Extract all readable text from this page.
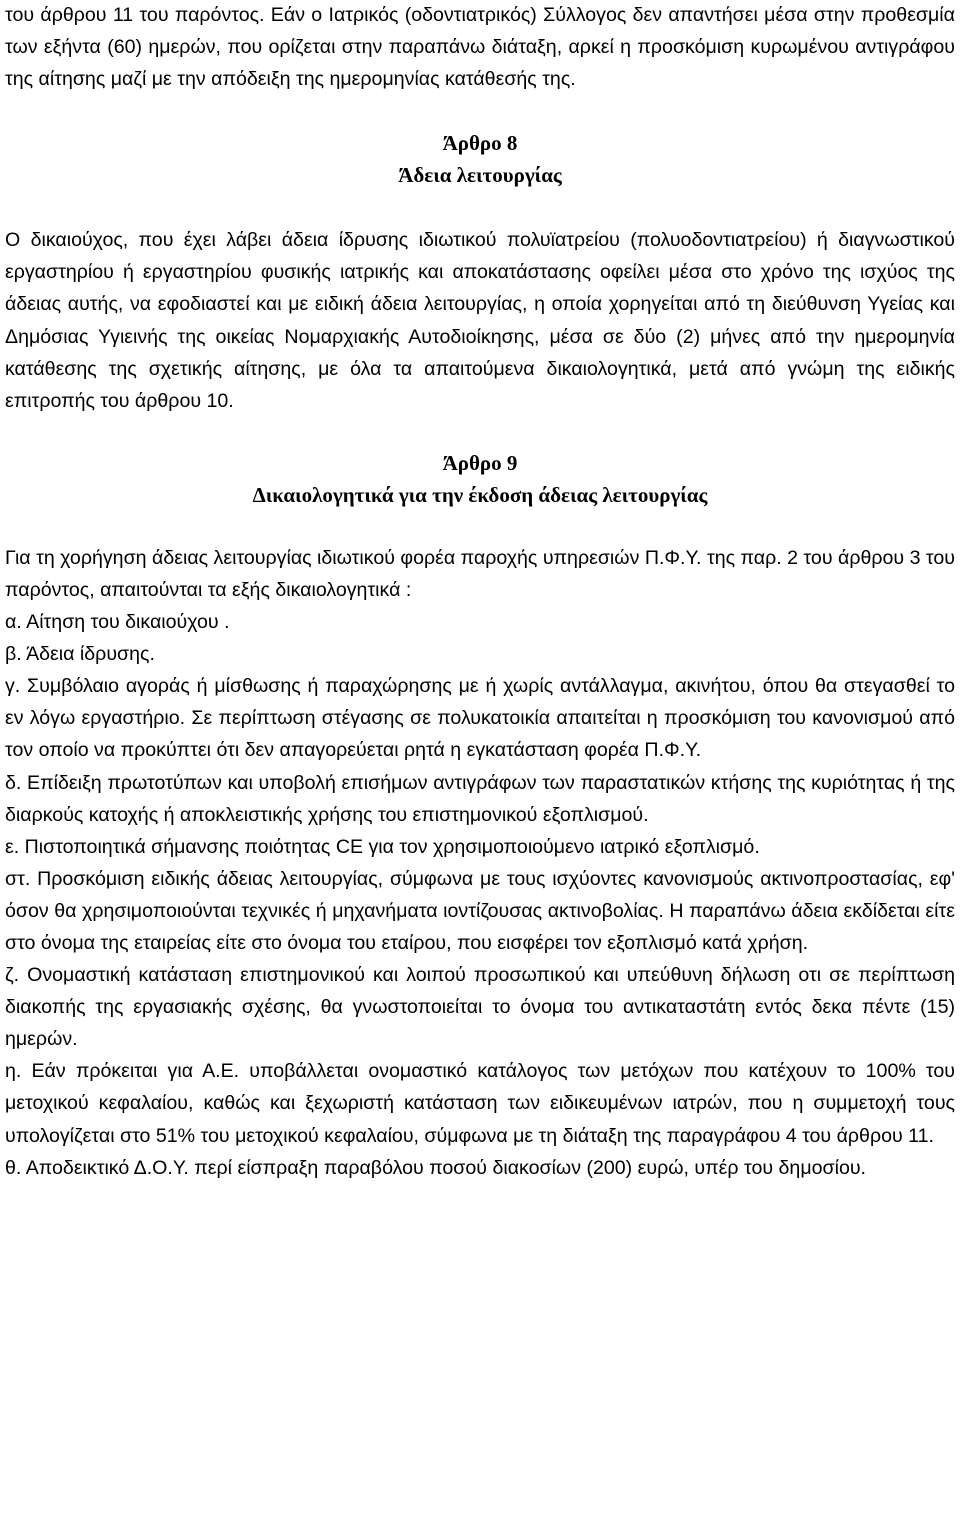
του άρθρου 11 του παρόντος. Εάν ο Ιατρικός (οδοντιατρικός) Σύλλογος δεν απαντήσει μέσα στην προθεσμία των εξήντα (60) ημερών, που ορίζεται στην παραπάνω διάταξη, αρκεί η προσκόμιση κυρωμένου αντιγράφου της αίτησης μαζί με την απόδειξη της ημερομηνίας κατάθεσής της.

Άρθρο 8
Άδεια λειτουργίας

Ο δικαιούχος, που έχει λάβει άδεια ίδρυσης ιδιωτικού πολυϊατρείου (πολυοδοντιατρείου) ή διαγνωστικού εργαστηρίου ή εργαστηρίου φυσικής ιατρικής και αποκατάστασης οφείλει μέσα στο χρόνο της ισχύος της άδειας αυτής, να εφοδιαστεί και με ειδική άδεια λειτουργίας, η οποία χορηγείται από τη διεύθυνση Υγείας και Δημόσιας Υγιεινής της οικείας Νομαρχιακής Αυτοδιοίκησης, μέσα σε δύο (2) μήνες από την ημερομηνία κατάθεσης της σχετικής αίτησης, με όλα τα απαιτούμενα δικαιολογητικά, μετά από γνώμη της ειδικής επιτροπής του άρθρου 10.

Άρθρο 9
Δικαιολογητικά για την έκδοση άδειας λειτουργίας

Για τη χορήγηση άδειας λειτουργίας ιδιωτικού φορέα παροχής υπηρεσιών Π.Φ.Υ. της παρ. 2 του άρθρου 3 του παρόντος, απαιτούνται τα εξής δικαιολογητικά :

α. Αίτηση του δικαιούχου .

β. Άδεια ίδρυσης.

γ. Συμβόλαιο αγοράς ή μίσθωσης ή παραχώρησης με ή χωρίς αντάλλαγμα, ακινήτου, όπου θα στεγασθεί το εν λόγω εργαστήριο. Σε περίπτωση στέγασης σε πολυκατοικία απαιτείται η προσκόμιση του κανονισμού από τον οποίο να προκύπτει ότι δεν απαγορεύεται ρητά η εγκατάσταση φορέα Π.Φ.Υ.

δ. Επίδειξη πρωτοτύπων και υποβολή επισήμων αντιγράφων των παραστατικών κτήσης της κυριότητας ή της διαρκούς κατοχής ή αποκλειστικής χρήσης του επιστημονικού εξοπλισμού.

ε. Πιστοποιητικά σήμανσης ποιότητας CE για τον χρησιμοποιούμενο ιατρικό εξοπλισμό.

στ. Προσκόμιση ειδικής άδειας λειτουργίας, σύμφωνα με τους ισχύοντες κανονισμούς ακτινοπροστασίας, εφ' όσον θα χρησιμοποιούνται τεχνικές ή μηχανήματα ιοντίζουσας ακτινοβολίας. Η παραπάνω άδεια εκδίδεται είτε στο όνομα της εταιρείας είτε στο όνομα του εταίρου, που εισφέρει τον εξοπλισμό κατά χρήση.

ζ. Ονομαστική κατάσταση επιστημονικού και λοιπού προσωπικού και υπεύθυνη δήλωση οτι σε περίπτωση διακοπής της εργασιακής σχέσης, θα γνωστοποιείται το όνομα του αντικαταστάτη εντός δεκα πέντε (15) ημερών.

η. Εάν πρόκειται για Α.Ε. υποβάλλεται ονομαστικό κατάλογος των μετόχων που κατέχουν το 100% του μετοχικού κεφαλαίου, καθώς και ξεχωριστή κατάσταση των ειδικευμένων ιατρών, που η συμμετοχή τους υπολογίζεται στο 51% του μετοχικού κεφαλαίου, σύμφωνα με τη διάταξη της παραγράφου 4 του άρθρου 11.

θ. Αποδεικτικό Δ.Ο.Υ. περί είσπραξη παραβόλου ποσού διακοσίων (200) ευρώ, υπέρ του δημοσίου.
